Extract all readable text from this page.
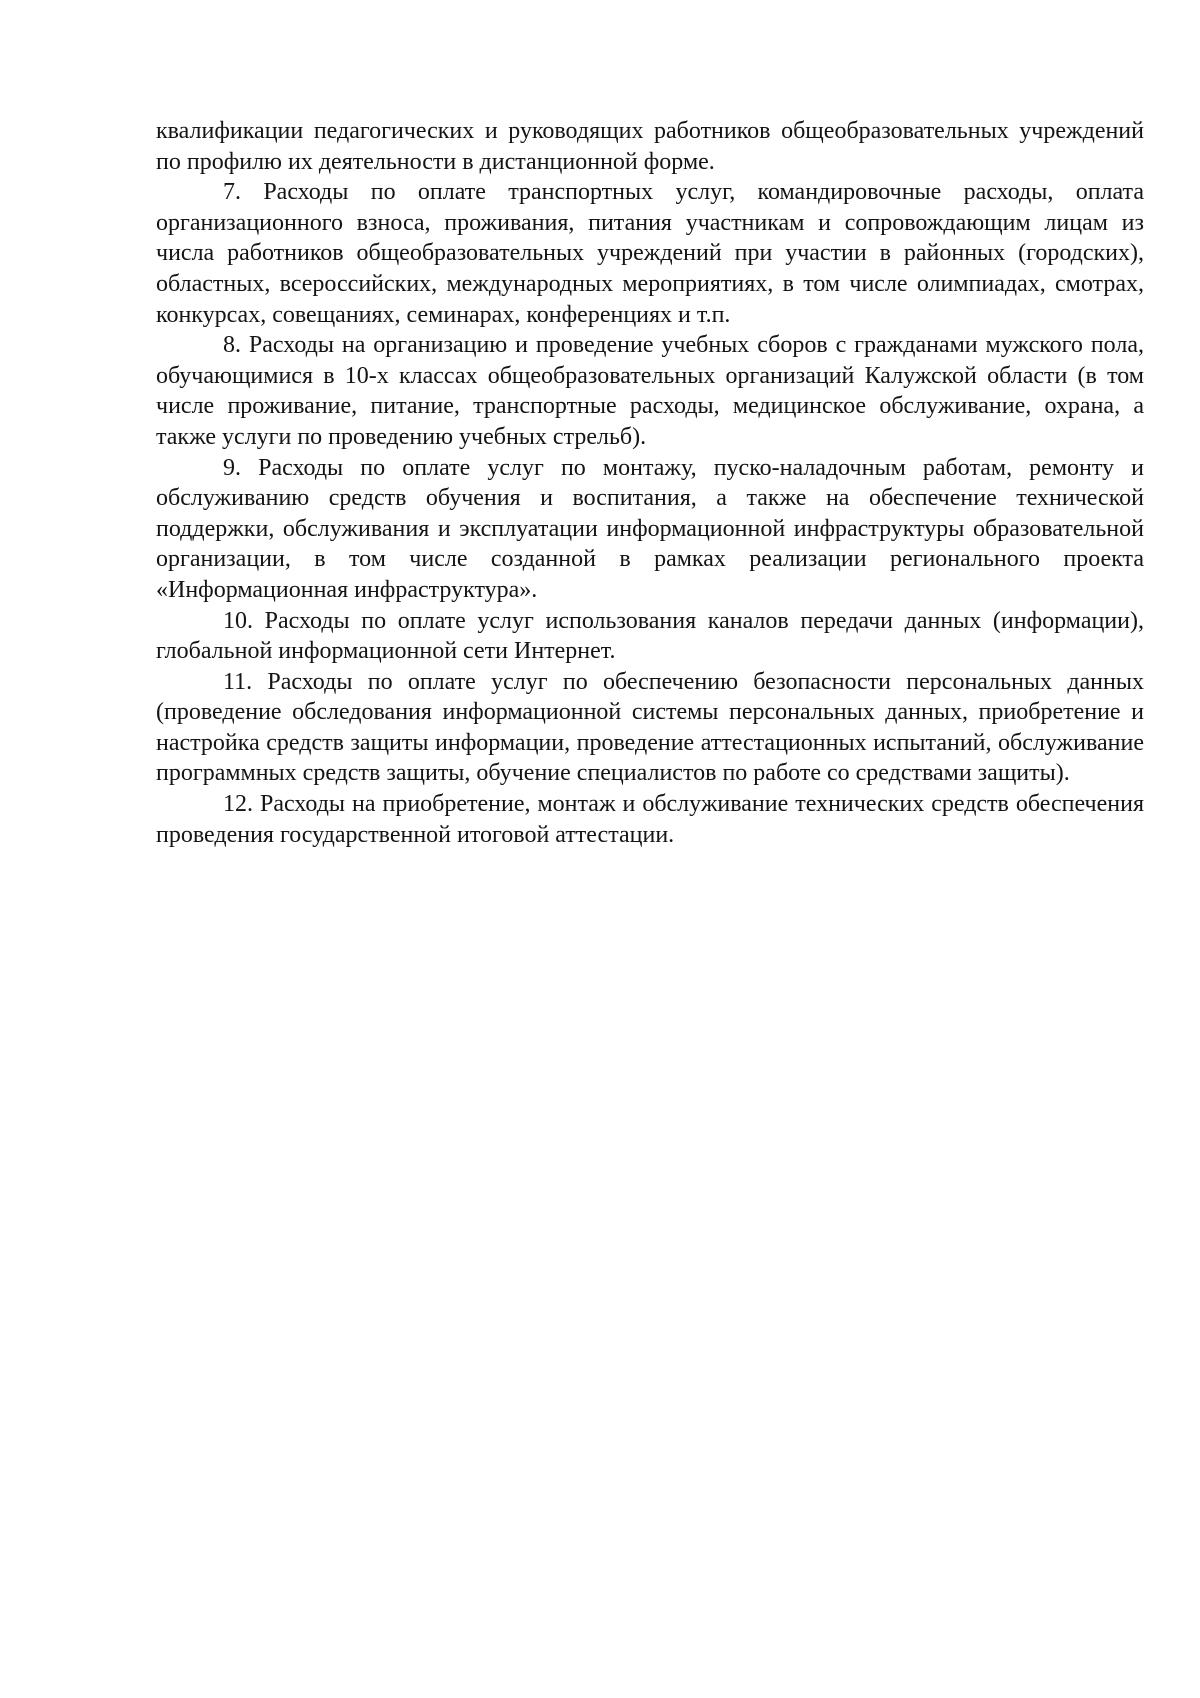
квалификации педагогических и руководящих работников общеобразовательных учреждений по профилю их деятельности в дистанционной форме.

7. Расходы по оплате транспортных услуг, командировочные расходы, оплата организационного взноса, проживания, питания участникам и сопровождающим лицам из числа работников общеобразовательных учреждений при участии в районных (городских), областных, всероссийских, международных мероприятиях, в том числе олимпиадах, смотрах, конкурсах, совещаниях, семинарах, конференциях и т.п.

8. Расходы на организацию и проведение учебных сборов с гражданами мужского пола, обучающимися в 10-х классах общеобразовательных организаций Калужской области (в том числе проживание, питание, транспортные расходы, медицинское обслуживание, охрана, а также услуги по проведению учебных стрельб).

9. Расходы по оплате услуг по монтажу, пуско-наладочным работам, ремонту и обслуживанию средств обучения и воспитания, а также на обеспечение технической поддержки, обслуживания и эксплуатации информационной инфраструктуры образовательной организации, в том числе созданной в рамках реализации регионального проекта «Информационная инфраструктура».

10. Расходы по оплате услуг использования каналов передачи данных (информации), глобальной информационной сети Интернет.

11. Расходы по оплате услуг по обеспечению безопасности персональных данных (проведение обследования информационной системы персональных данных, приобретение и настройка средств защиты информации, проведение аттестационных испытаний, обслуживание программных средств защиты, обучение специалистов по работе со средствами защиты).

12. Расходы на приобретение, монтаж и обслуживание технических средств обеспечения проведения государственной итоговой аттестации.
